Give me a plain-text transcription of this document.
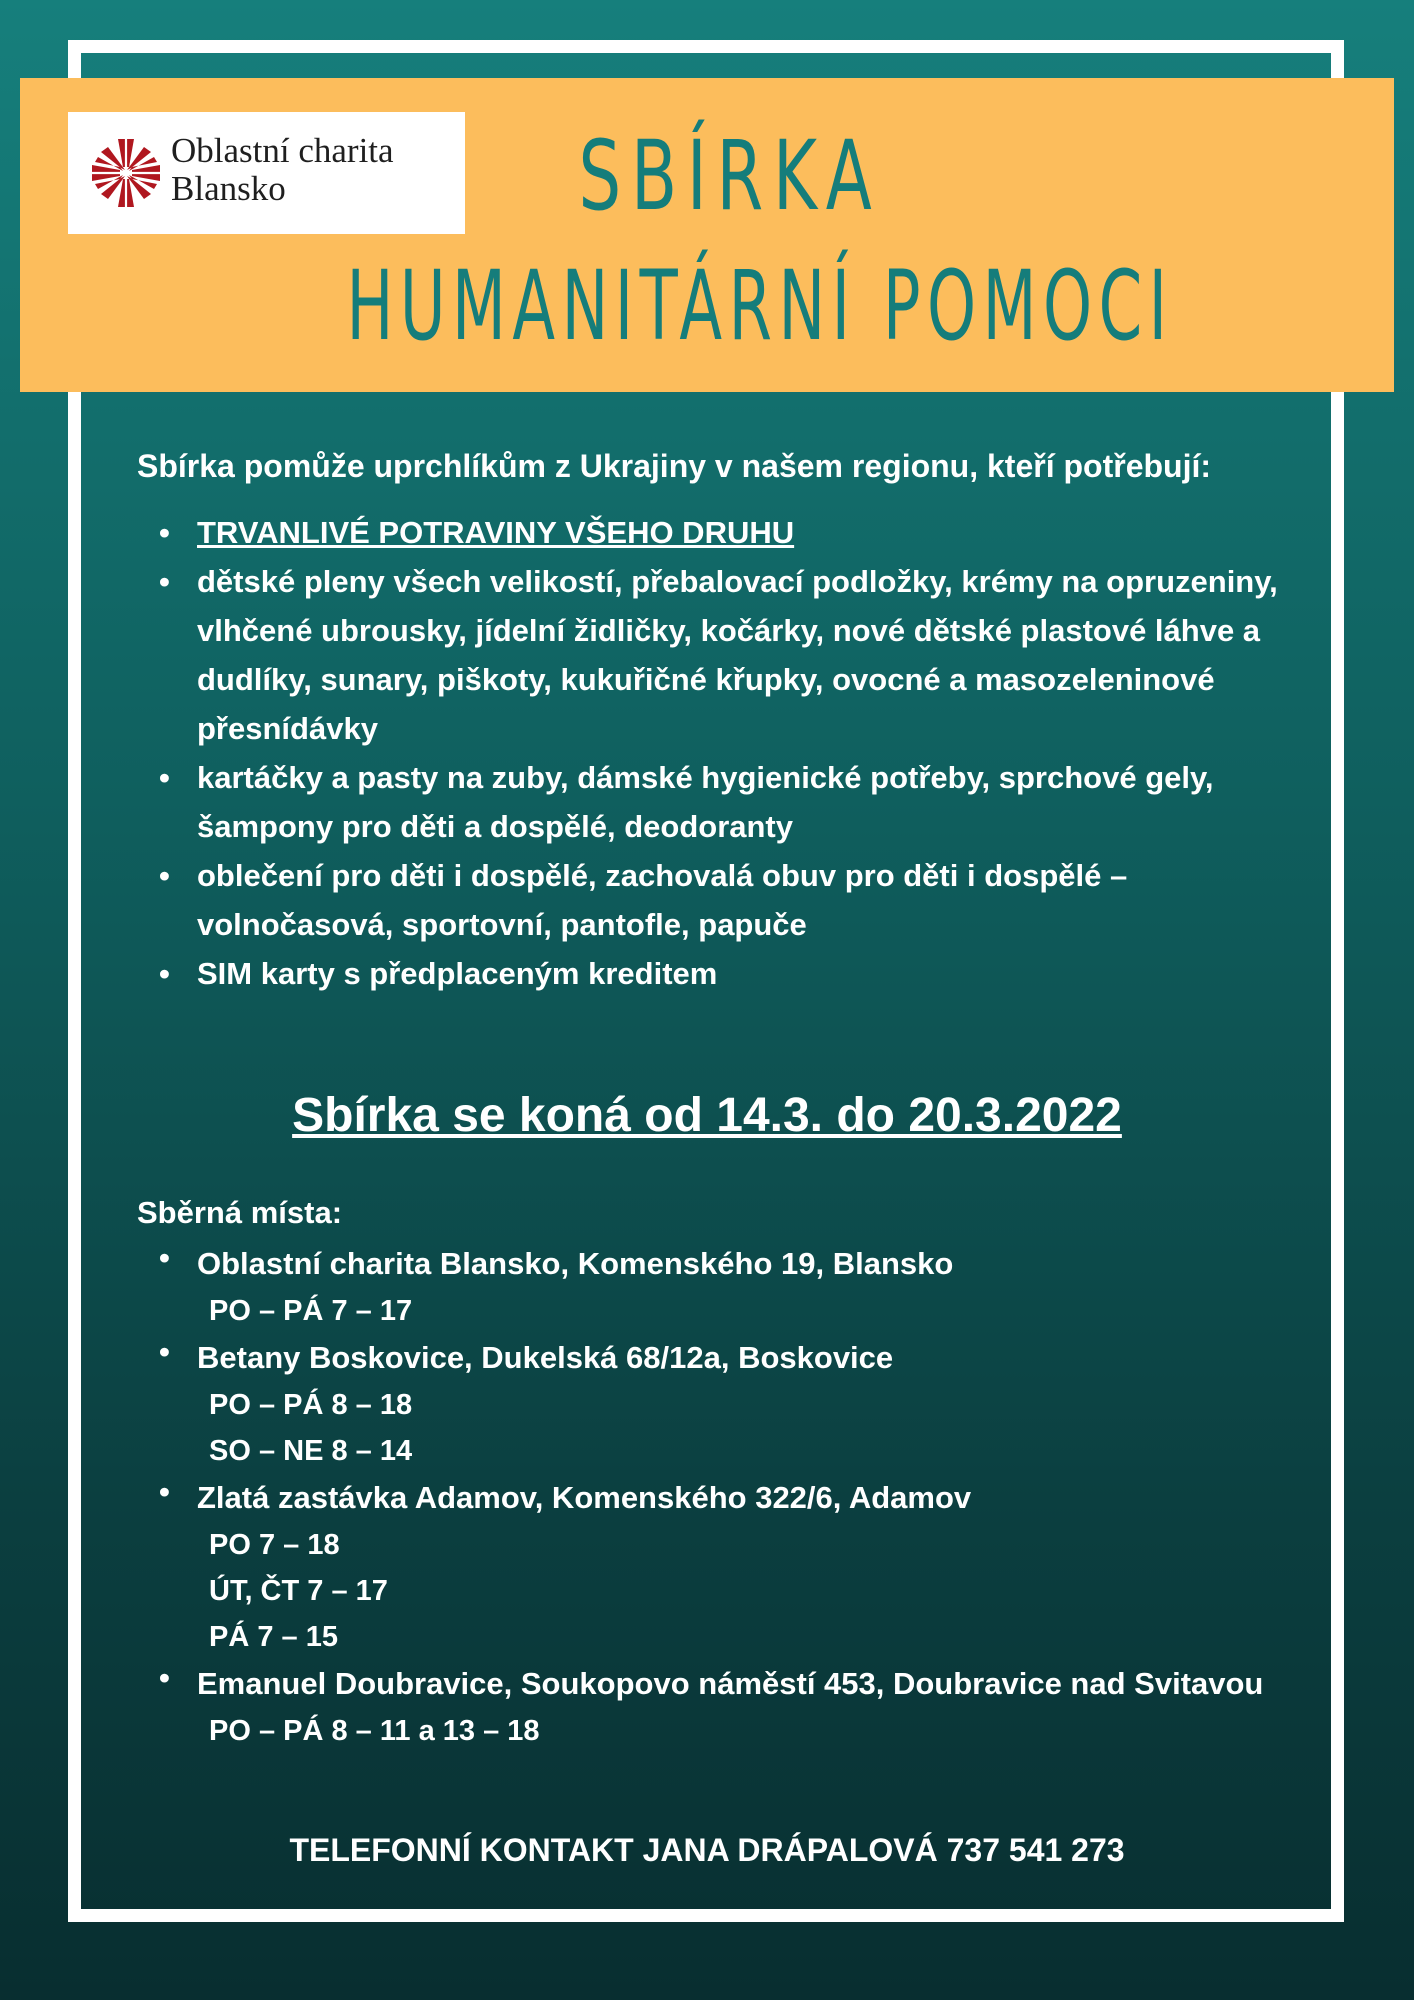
Oblastní charita
Blansko	SBÍRKA
HUMANITÁRNÍ POMOCI

Sbírka pomůže uprchlíkům z Ukrajiny v našem regionu, kteří potřebují:

• TRVANLIVÉ POTRAVINY VŠEHO DRUHU
• dětské pleny všech velikostí, přebalovací podložky, krémy na opruzeniny, vlhčené ubrousky, jídelní židličky, kočárky, nové dětské plastové láhve a dudlíky, sunary, piškoty, kukuřičné křupky, ovocné a masozeleninové přesnídávky
• kartáčky a pasty na zuby, dámské hygienické potřeby, sprchové gely, šampony pro děti a dospělé, deodoranty
• oblečení pro děti i dospělé, zachovalá obuv pro děti i dospělé – volnočasová, sportovní, pantofle, papuče
• SIM karty s předplaceným kreditem
Sbírka se koná od 14.3. do 20.3.2022

Sběrná místa:

• Oblastní charita Blansko, Komenského 19, Blansko
PO – PÁ 7 – 17
• Betany Boskovice, Dukelská 68/12a, Boskovice
PO – PÁ 8 – 18
SO – NE 8 – 14
• Zlatá zastávka Adamov, Komenského 322/6, Adamov
PO 7 – 18
ÚT, ČT 7 – 17
PÁ 7 – 15
• Emanuel Doubravice, Soukopovo náměstí 453, Doubravice nad Svitavou
PO – PÁ 8 – 11 a 13 – 18
TELEFONNÍ KONTAKT JANA DRÁPALOVÁ 737 541 273
